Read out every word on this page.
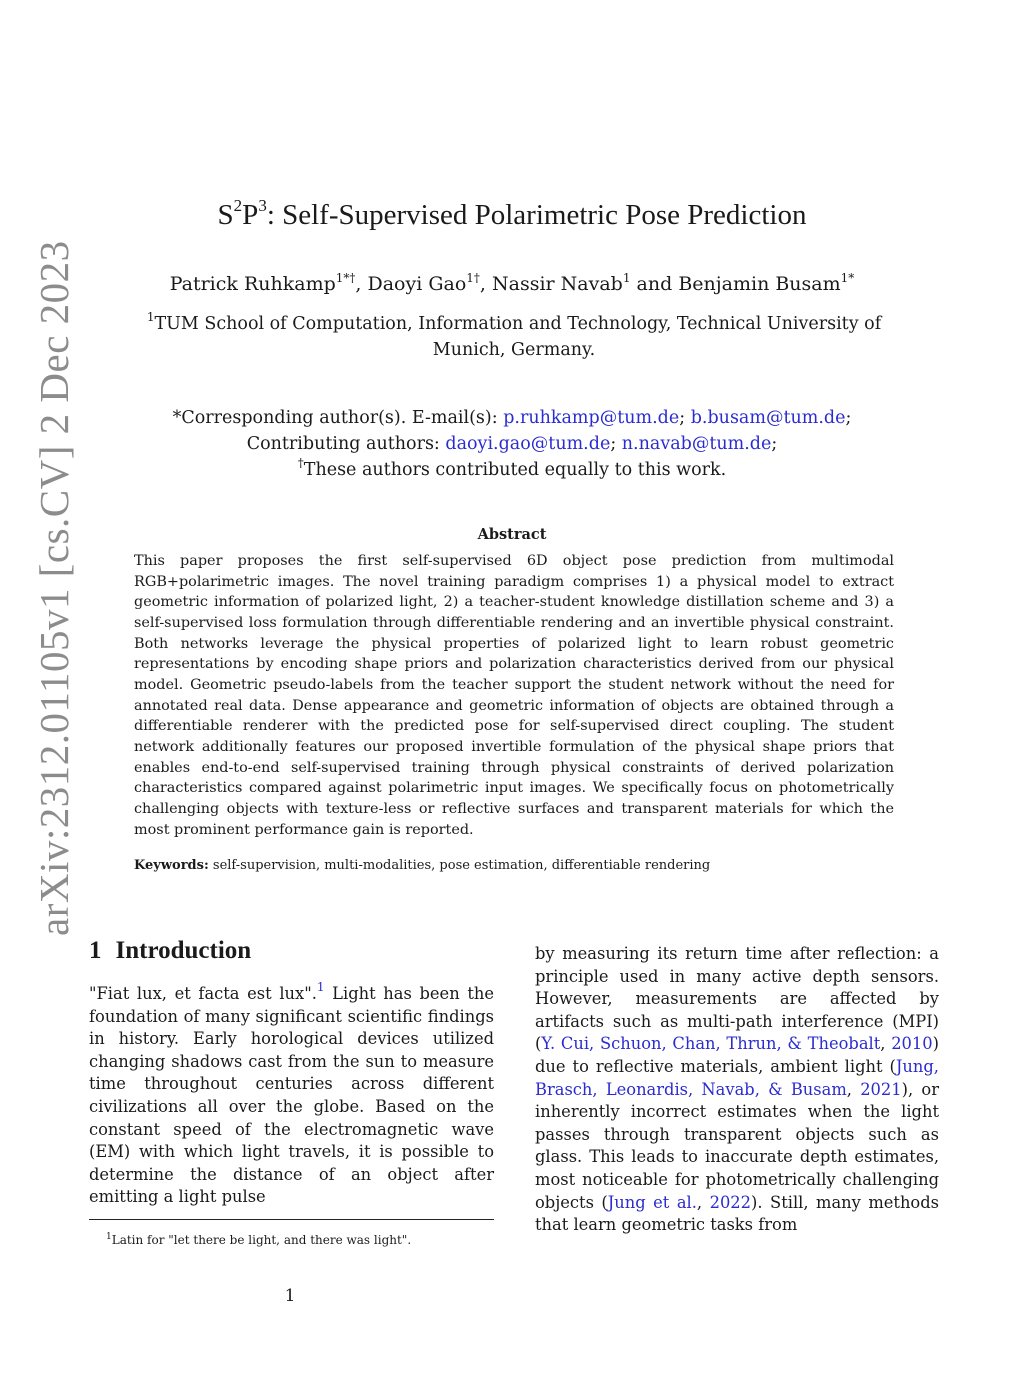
arXiv:2312.01105v1 [cs.CV] 2 Dec 2023
$S^2P^3$: Self-Supervised Polarimetric Pose Prediction
Patrick Ruhkamp$^{1*\dagger}$, Daoyi Gao$^{1\dagger}$, Nassir Navab$^1$ and Benjamin Busam$^{1*}$
$^1$TUM School of Computation, Information and Technology, Technical University of Munich, Germany.
*Corresponding author(s). E-mail(s): p.ruhkamp@tum.de; b.busam@tum.de;
Contributing authors: daoyi.gao@tum.de; n.navab@tum.de;
†These authors contributed equally to this work.
Abstract
This paper proposes the first self-supervised 6D object pose prediction from multimodal RGB+polarimetric images. The novel training paradigm comprises 1) a physical model to extract geometric information of polarized light, 2) a teacher-student knowledge distillation scheme and 3) a self-supervised loss formulation through differentiable rendering and an invertible physical constraint. Both networks leverage the physical properties of polarized light to learn robust geometric representations by encoding shape priors and polarization characteristics derived from our physical model. Geometric pseudo-labels from the teacher support the student network without the need for annotated real data. Dense appearance and geometric information of objects are obtained through a differentiable renderer with the predicted pose for self-supervised direct coupling. The student network additionally features our proposed invertible formulation of the physical shape priors that enables end-to-end self-supervised training through physical constraints of derived polarization characteristics compared against polarimetric input images. We specifically focus on photometrically challenging objects with texture-less or reflective surfaces and transparent materials for which the most prominent performance gain is reported.
Keywords: self-supervision, multi-modalities, pose estimation, differentiable rendering
1 Introduction
"Fiat lux, et facta est lux".$^1$ Light has been the foundation of many significant scientific findings in history. Early horological devices utilized changing shadows cast from the sun to measure time throughout centuries across different civilizations all over the globe. Based on the constant speed of the electromagnetic wave (EM) with which light travels, it is possible to determine the distance of an object after emitting a light pulse
by measuring its return time after reflection: a principle used in many active depth sensors. However, measurements are affected by artifacts such as multi-path interference (MPI) (Y. Cui, Schuon, Chan, Thrun, & Theobalt, 2010) due to reflective materials, ambient light (Jung, Brasch, Leonardis, Navab, & Busam, 2021), or inherently incorrect estimates when the light passes through transparent objects such as glass. This leads to inaccurate depth estimates, most noticeable for photometrically challenging objects (Jung et al., 2022). Still, many methods that learn geometric tasks from
$^1$Latin for "let there be light, and there was light".
1
